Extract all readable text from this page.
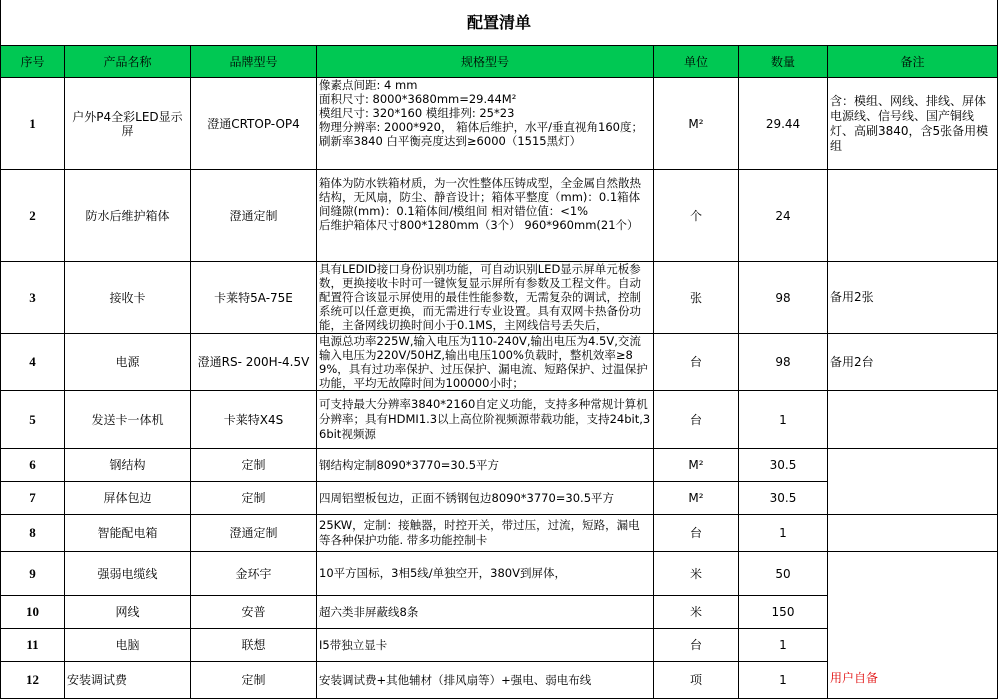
配置清单						
序号	产品名称	品牌型号	规格型号	单位	数量	备注
1	户外P4全彩LED显示屏	澄通CRTOP-OP4	像素点间距: 4 mm
面积尺寸: 8000*3680mm=29.44M²
模组尺寸: 320*160 模组排列: 25*23
物理分辨率: 2000*920， 箱体后维护，水平/垂直视角160度；刷新率3840 白平衡亮度达到≥6000（1515黑灯）	M²	29.44	含：模组、网线、排线、屏体电源线、信号线、国产铜线灯、高刷3840，含5张备用模组
2	防水后维护箱体	澄通定制	箱体为防水铁箱材质，为一次性整体压铸成型，全金属自然散热结构，无风扇，防尘、静音设计；箱体平整度（mm)：0.1箱体间缝隙(mm)：0.1箱体间/模组间 相对错位值：<1%
后维护箱体尺寸800*1280mm（3个） 960*960mm(21个）	个	24	
3	接收卡	卡莱特5A-75E	具有LEDID接口身份识别功能，可自动识别LED显示屏单元板参数，更换接收卡时可一键恢复显示屏所有参数及工程文件。自动配置符合该显示屏使用的最佳性能参数，无需复杂的调试，控制系统可以任意更换，而无需进行专业设置。具有双网卡热备份功能，主备网线切换时间小于0.1MS，主网线信号丢失后，	张	98	备用2张
4	电源	澄通RS- 200H-4.5V	电源总功率225W,输入电压为110-240V,输出电压为4.5V,交流输入电压为220V/50HZ,输出电压100%负载时，整机效率≥89%，具有过功率保护、过压保护、漏电流、短路保护、过温保护功能，平均无故障时间为100000小时；	台	98	备用2台
5	发送卡一体机	卡莱特X4S	可支持最大分辨率3840*2160自定义功能，支持多种常规计算机分辨率；具有HDMI1.3以上高位阶视频源带载功能，支持24bit,36bit视频源	台	1	
6	钢结构	定制	钢结构定制8090*3770=30.5平方	M²	30.5	
7	屏体包边	定制	四周铝塑板包边，正面不锈钢包边8090*3770=30.5平方	M²	30.5	
8	智能配电箱	澄通定制	25KW，定制：接触器，时控开关，带过压，过流，短路，漏电等各种保护功能. 带多功能控制卡	台	1	
9	强弱电缆线	金环宇	10平方国标，3相5线/单独空开，380V到屏体，	米	50	用户自备

10	网线	安普	超六类非屏蔽线8条	米	150	
11	电脑	联想	I5带独立显卡	台	1	
12	安装调试费	定制	安装调试费+其他辅材（排风扇等）+强电、弱电布线	项	1	
